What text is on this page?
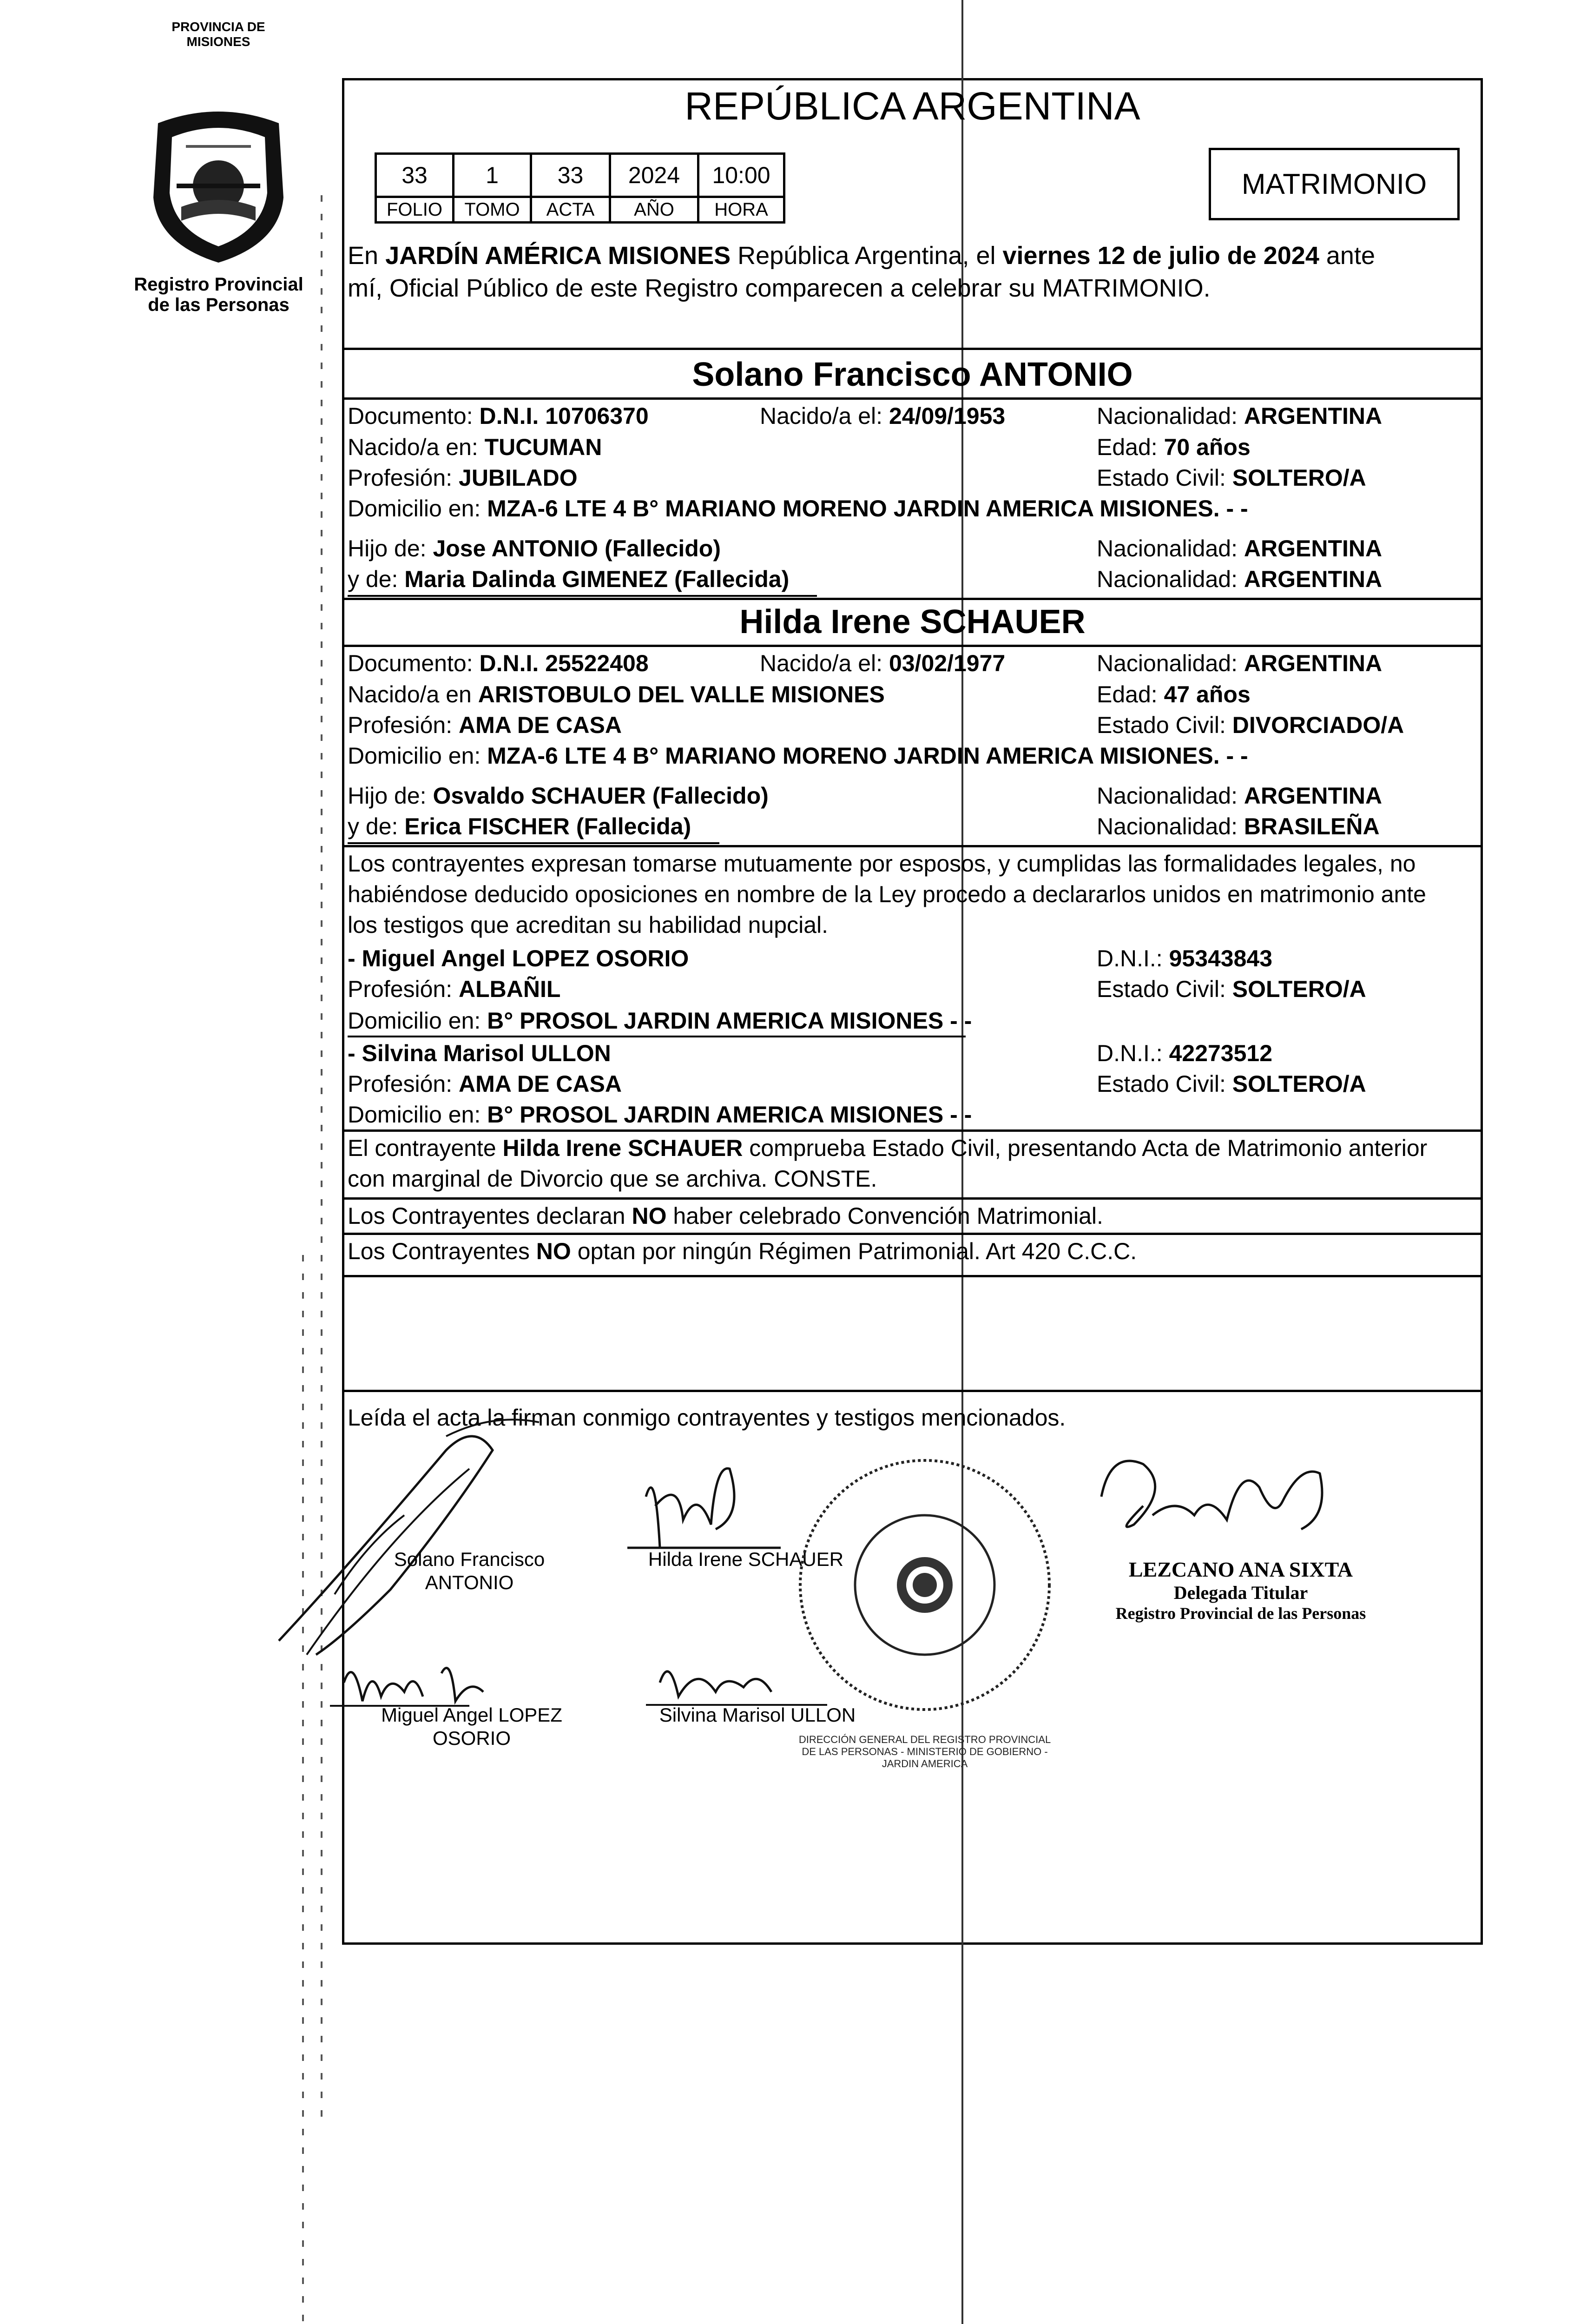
PROVINCIA DE MISIONES
Registro Provincial
de las Personas
REPÚBLICA ARGENTINA
33	1	33	2024	10:00
FOLIO	TOMO	ACTA	AÑO	HORA
MATRIMONIO
En JARDÍN AMÉRICA MISIONES República Argentina, el viernes 12 de julio de 2024 ante
mí, Oficial Público de este Registro comparecen a celebrar su MATRIMONIO.
Solano Francisco ANTONIO
Documento: D.N.I. 10706370	Nacido/a el: 24/09/1953	Nacionalidad: ARGENTINA
Nacido/a en: TUCUMAN	Edad: 70 años
Profesión: JUBILADO	Estado Civil: SOLTERO/A
Domicilio en: MZA-6 LTE 4 B° MARIANO MORENO JARDIN AMERICA MISIONES. - -
Hijo de: Jose ANTONIO (Fallecido)	Nacionalidad: ARGENTINA
y de: Maria Dalinda GIMENEZ (Fallecida)	Nacionalidad: ARGENTINA
Hilda Irene SCHAUER
Documento: D.N.I. 25522408	Nacido/a el: 03/02/1977	Nacionalidad: ARGENTINA
Nacido/a en ARISTOBULO DEL VALLE MISIONES	Edad: 47 años
Profesión: AMA DE CASA	Estado Civil: DIVORCIADO/A
Domicilio en: MZA-6 LTE 4 B° MARIANO MORENO JARDIN AMERICA MISIONES. - -
Hijo de: Osvaldo SCHAUER (Fallecido)	Nacionalidad: ARGENTINA
y de: Erica FISCHER (Fallecida)	Nacionalidad: BRASILEÑA
Los contrayentes expresan tomarse mutuamente por esposos, y cumplidas las formalidades legales, no
habiéndose deducido oposiciones en nombre de la Ley procedo a declararlos unidos en matrimonio ante
los testigos que acreditan su habilidad nupcial.
- Miguel Angel LOPEZ OSORIO	D.N.I.: 95343843
Profesión: ALBAÑIL	Estado Civil: SOLTERO/A
Domicilio en: B° PROSOL JARDIN AMERICA MISIONES - -
- Silvina Marisol ULLON	D.N.I.: 42273512
Profesión: AMA DE CASA	Estado Civil: SOLTERO/A
Domicilio en: B° PROSOL JARDIN AMERICA MISIONES - -
El contrayente Hilda Irene SCHAUER comprueba Estado Civil, presentando Acta de Matrimonio anterior
con marginal de Divorcio que se archiva. CONSTE.
Los Contrayentes declaran NO haber celebrado Convención Matrimonial.
Los Contrayentes NO optan por ningún Régimen Patrimonial. Art 420 C.C.C.
Leída el acta la firman conmigo contrayentes y testigos mencionados.
Solano Francisco
ANTONIO
Hilda Irene SCHAUER
Miguel Angel LOPEZ
OSORIO
Silvina Marisol ULLON
DIRECCIÓN GENERAL DEL REGISTRO PROVINCIAL DE LAS PERSONAS - MINISTERIO DE GOBIERNO - JARDIN AMERICA
LEZCANO ANA SIXTA
Delegada Titular
Registro Provincial de las Personas
